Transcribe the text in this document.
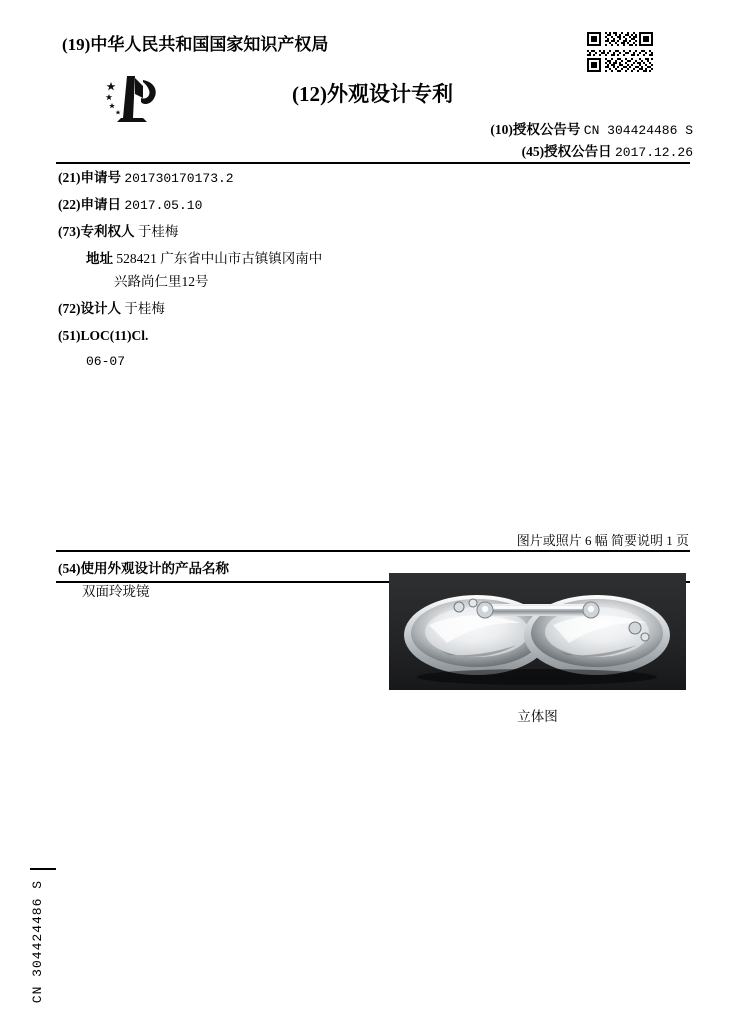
(19)中华人民共和国国家知识产权局
(12)外观设计专利
(10)授权公告号 CN 304424486 S
(45)授权公告日 2017.12.26
(21)申请号 201730170173.2
(22)申请日 2017.05.10
(73)专利权人 于桂梅
地址 528421 广东省中山市古镇镇冈南中
兴路尚仁里12号
(72)设计人 于桂梅
(51)LOC(11)Cl.
06-07
图片或照片 6 幅 简要说明 1 页
(54)使用外观设计的产品名称
双面玲珑镜
立体图
CN 304424486 S
